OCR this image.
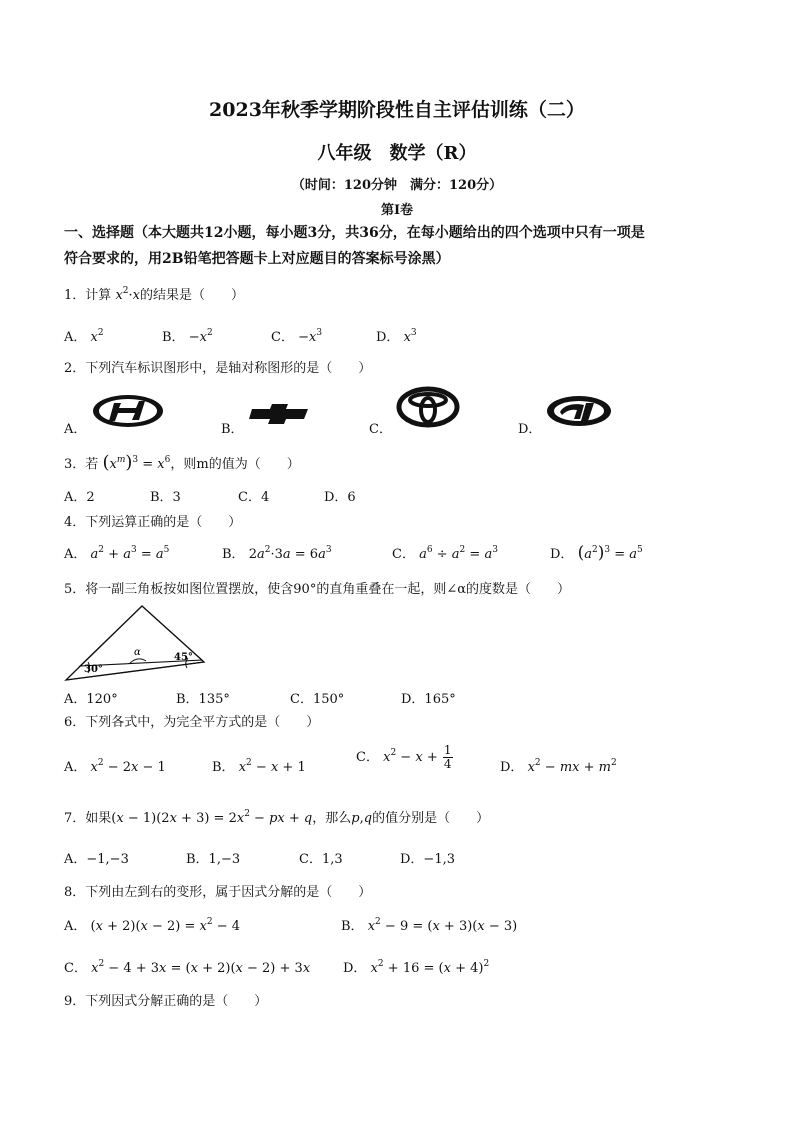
2023年秋季学期阶段性自主评估训练（二）
八年级　数学（R）
（时间：120分钟　满分：120分）
第I卷
一、选择题（本大题共12小题，每小题3分，共36分，在每小题给出的四个选项中只有一项是
符合要求的，用2B铅笔把答题卡上对应题目的答案标号涂黑）
1．计算 $x^2\cdot x$的结果是（　　）
A． $x^2$	B． $-x^2$	C． $-x^3$	D． $x^3$
2．下列汽车标识图形中，是轴对称图形的是（　　）
A．	B．	C．	D．
3．若 $(x^m)^3 = x^6$，则m的值为（　　）
A．2	B．3	C．4	D．6
4．下列运算正确的是（　　）
A． $a^2 + a^3 = a^5$	B． $2a^2\cdot 3a = 6a^3$	C． $a^6 \div a^2 = a^3$	D． $(a^2)^3 = a^5$
5．将一副三角板按如图位置摆放，使含90°的直角重叠在一起，则∠α的度数是（　　）
α
30°
45°
A．120°	B．135°	C．150°	D．165°
6．下列各式中，为完全平方式的是（　　）
A． $x^2 - 2x - 1$	B． $x^2 - x + 1$
C． $x^2 - x + \frac{1}{4}$	D． $x^2$ − mx + $m^2$
7．如果$(x - 1)(2x + 3) = 2x^2$ − px + q，那么p,q的值分别是（　　）
A．−1,−3	B．1,−3	C．1,3	D．−1,3
8．下列由左到右的变形，属于因式分解的是（　　）
A． $(x + 2)(x - 2) = x^2 - 4$	B． $x^2 - 9 = (x + 3)(x - 3)$
C． $x^2 - 4 + 3x = (x + 2)(x - 2) + 3x$	D． $x^2 + 16 = (x + 4)^2$
9．下列因式分解正确的是（　　）
